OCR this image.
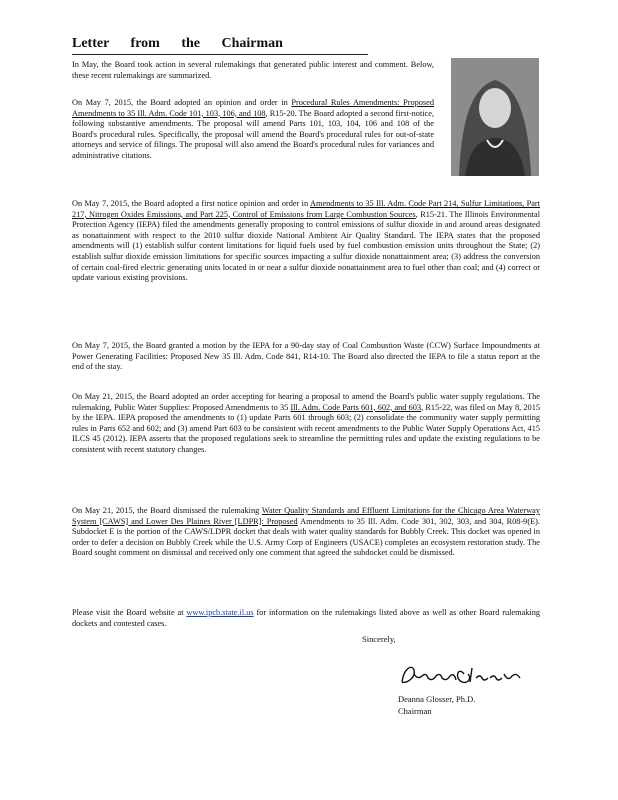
Letter from the Chairman

In May, the Board took action in several rulemakings that generated public interest and comment. Below, these recent rulemakings are summarized.

On May 7, 2015, the Board adopted an opinion and order in Procedural Rules Amendments: Proposed Amendments to 35 Ill. Adm. Code 101, 103, 106, and 108, R15-20. The Board adopted a second first-notice, following substantive amendments. The proposal will amend Parts 101, 103, 104, 106 and 108 of the Board's procedural rules. Specifically, the proposal will amend the Board's procedural rules for out-of-state attorneys and service of filings. The proposal will also amend the Board's procedural rules for variances and administrative citations.

On May 7, 2015, the Board adopted a first notice opinion and order in Amendments to 35 Ill. Adm. Code Part 214, Sulfur Limitations, Part 217, Nitrogen Oxides Emissions, and Part 225, Control of Emissions from Large Combustion Sources, R15-21. The Illinois Environmental Protection Agency (IEPA) filed the amendments generally proposing to control emissions of sulfur dioxide in and around areas designated as nonattainment with respect to the 2010 sulfur dioxide National Ambient Air Quality Standard. The IEPA states that the proposed amendments will (1) establish sulfur content limitations for liquid fuels used by fuel combustion emission units throughout the State; (2) establish sulfur dioxide emission limitations for specific sources impacting a sulfur dioxide nonattainment area; (3) address the conversion of certain coal-fired electric generating units located in or near a sulfur dioxide nonattainment area to fuel other than coal; and (4) correct or update various existing provisions.

On May 7, 2015, the Board granted a motion by the IEPA for a 90-day stay of Coal Combustion Waste (CCW) Surface Impoundments at Power Generating Facilities: Proposed New 35 Ill. Adm. Code 841, R14-10. The Board also directed the IEPA to file a status report at the end of the stay.

On May 21, 2015, the Board adopted an order accepting for hearing a proposal to amend the Board's public water supply regulations. The rulemaking, Public Water Supplies: Proposed Amendments to 35 Ill. Adm. Code Parts 601, 602, and 603, R15-22, was filed on May 8, 2015 by the IEPA. IEPA proposed the amendments to (1) update Parts 601 through 603; (2) consolidate the community water supply permitting rules in Parts 652 and 602; and (3) amend Part 603 to be consistent with recent amendments to the Public Water Supply Operations Act, 415 ILCS 45 (2012). IEPA asserts that the proposed regulations seek to streamline the permitting rules and update the existing regulations to be consistent with recent statutory changes.

On May 21, 2015, the Board dismissed the rulemaking Water Quality Standards and Effluent Limitations for the Chicago Area Waterway System [CAWS] and Lower Des Plaines River [LDPR]: Proposed Amendments to 35 Ill. Adm. Code 301, 302, 303, and 304, R08-9(E). Subdocket E is the portion of the CAWS/LDPR docket that deals with water quality standards for Bubbly Creek. This docket was opened in order to defer a decision on Bubbly Creek while the U.S. Army Corp of Engineers (USACE) completes an ecosystem restoration study. The Board sought comment on dismissal and received only one comment that agreed the subdocket could be dismissed.

Please visit the Board website at www.ipcb.state.il.us for information on the rulemakings listed above as well as other Board rulemaking dockets and contested cases.

Sincerely,
Deanna Glosser, Ph.D.
Chairman
